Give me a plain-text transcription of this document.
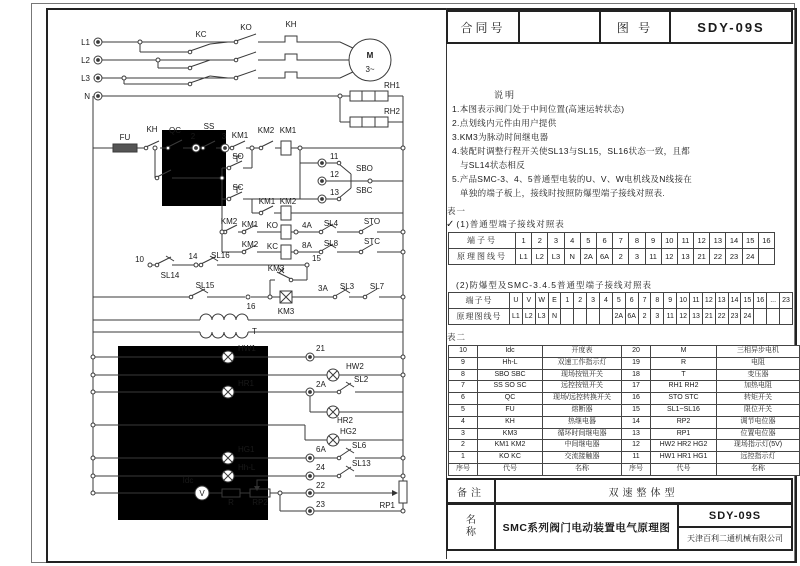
L1
L2
L3
N
KC
KO	KH
M
3~
RH1
RH2
FU
KH QC
2
SS
3 KM1
KM2 KM1
SO
SC
11
12
13
SBO
SBC
KM1 KM2
KM2 KM1 KO	4A SL4	STO
KM2 KC	8A SL8	STC
10
SL14
14 SL16	15
KM3
SL15
16
KM3
3A SL3 SL7
T
HW1	21
HW2
HR1	2A
SL2
HR2
HG2
HG1	6A	SL6
Hh-L	24	SL13
Idc
V
R RP2
22
RP1
23
合同号	图 号	SDY-09S
说明
1.本图表示阀门处于中间位置(高速运转状态)
2.点划线内元件由用户提供
3.KM3为脉动时间继电器
4.装配时调整行程开关使SL13与SL15，SL16状态一致，且都
与SL14状态相反
5.产品SMC-3、4、5普通型电装的U、V、W电机线及N线接在
单独的端子板上，接线时按照防爆型端子接线对照表.
表一
✓(1)普通型端子接线对照表
端子号	1	2	3	4	5	6	7	8	9	10	11	12	13	14	15	16
原理图线号	L1	L2	L3	N	2A	6A	2	3	11	12	13	21	22	23	24	
(2)防爆型及SMC-3.4.5普通型端子接线对照表
端子号	U	V	W	E	1	2	3	4	5	6	7	8	9	10	11	12	13	14	15	16	...	23
原理图线号	L1	L2	L3	N					2A	6A	2	3	11	12	13	21	22	23	24			
表二
10	Idc	开度表	20	M	三相异步电机
9	Hh-L	双速工作指示灯	19	R	电阻
8	SBO SBC	现场按钮开关	18	T	变压器
7	SS SO SC	远控按钮开关	17	RH1 RH2	加热电阻
6	QC	现场/远控转换开关	16	STO STC	转矩开关
5	FU	熔断器	15	SL1~SL16	限位开关
4	KH	热继电器	14	RP2	调节电位器
3	KM3	循环时间继电器	13	RP1	位置电位器
2	KM1 KM2	中间继电器	12	HW2 HR2 HG2	现场指示灯(5V)
1	KO KC	交流接触器	11	HW1 HR1 HG1	远控指示灯
序号	代号	名称	序号	代号	名称
备注	双速整体型
名称	SMC系列阀门电动装置电气原理图
SDY-09S
天津百利二通机械有限公司
